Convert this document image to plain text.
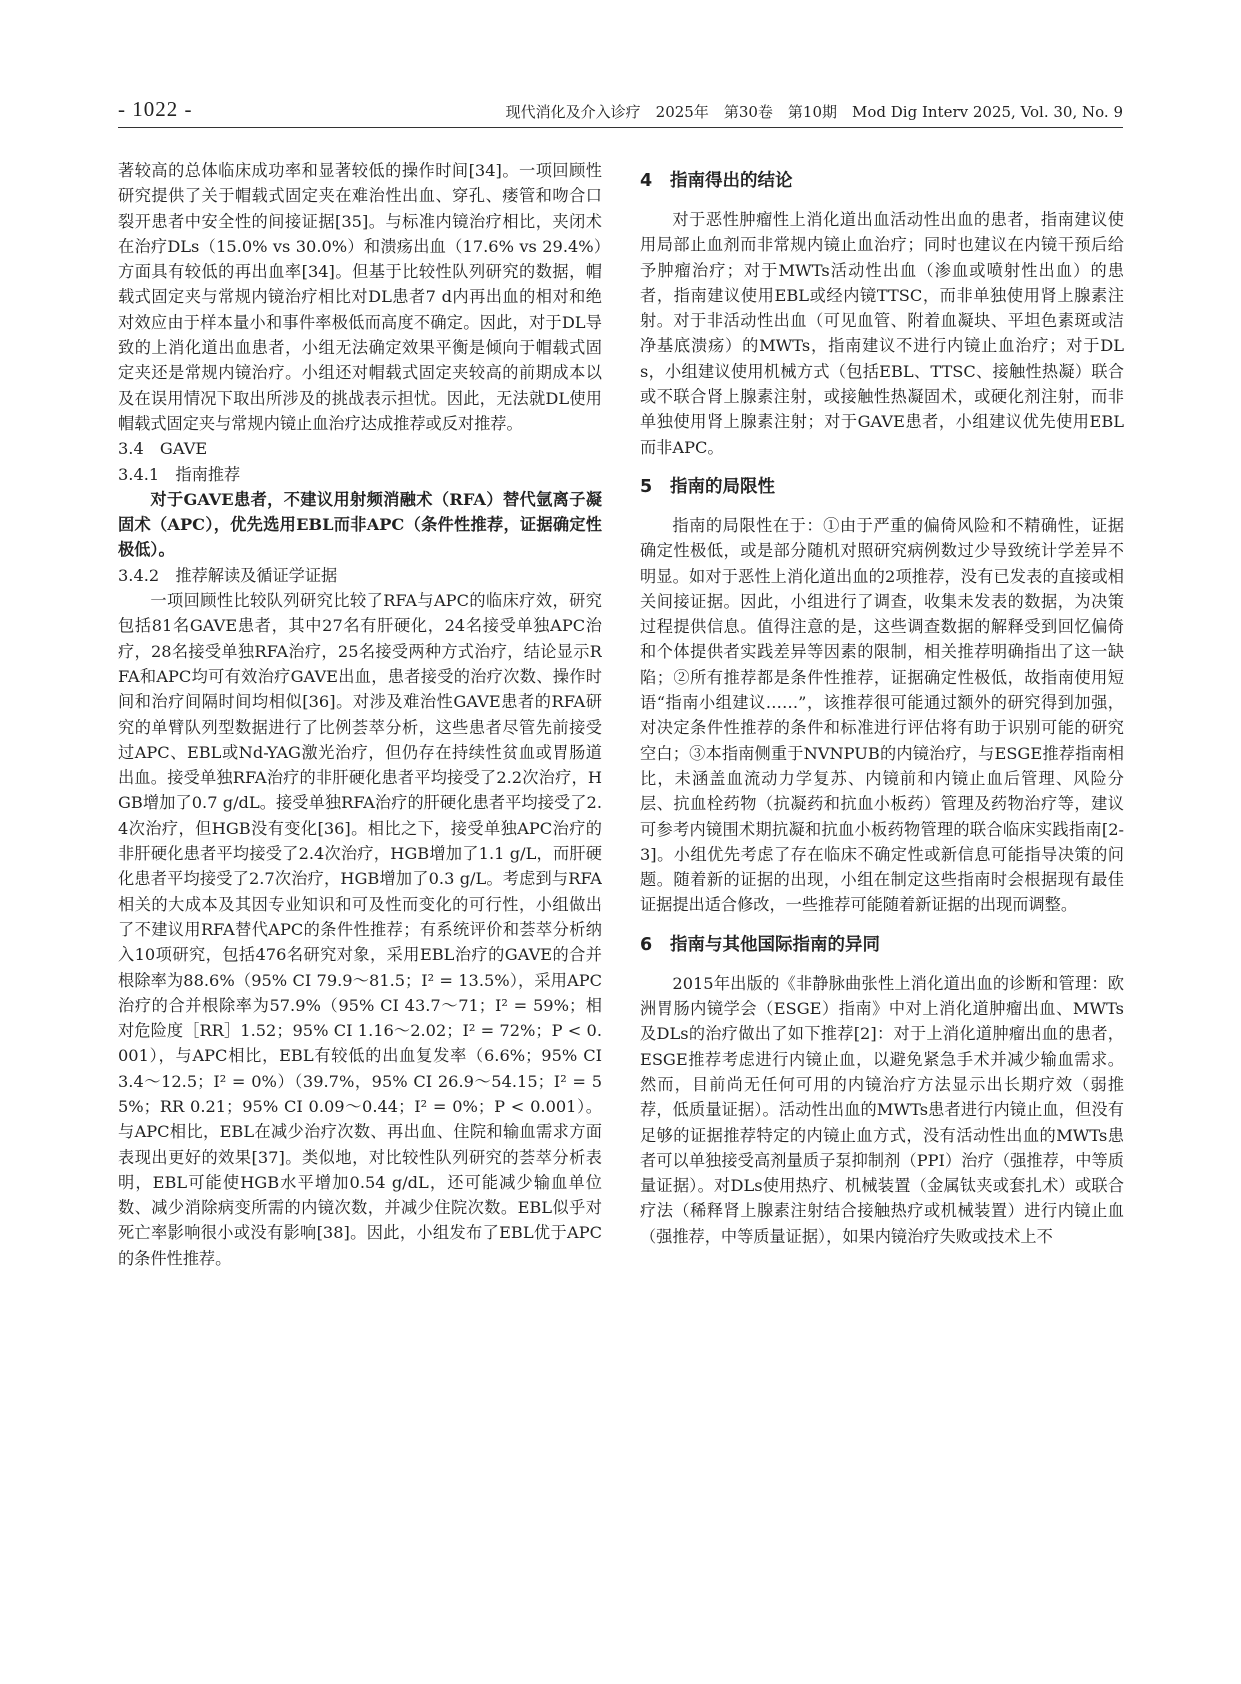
- 1022 -	现代消化及介入诊疗　2025年　第30卷　第10期　Mod Dig Interv 2025, Vol. 30, No. 9

著较高的总体临床成功率和显著较低的操作时间[34]。一项回顾性研究提供了关于帽载式固定夹在难治性出血、穿孔、瘘管和吻合口裂开患者中安全性的间接证据[35]。与标准内镜治疗相比，夹闭术在治疗DLs（15.0% vs 30.0%）和溃疡出血（17.6% vs 29.4%）方面具有较低的再出血率[34]。但基于比较性队列研究的数据，帽载式固定夹与常规内镜治疗相比对DL患者7 d内再出血的相对和绝对效应由于样本量小和事件率极低而高度不确定。因此，对于DL导致的上消化道出血患者，小组无法确定效果平衡是倾向于帽载式固定夹还是常规内镜治疗。小组还对帽载式固定夹较高的前期成本以及在误用情况下取出所涉及的挑战表示担忧。因此，无法就DL使用帽载式固定夹与常规内镜止血治疗达成推荐或反对推荐。

3.4　GAVE
3.4.1　指南推荐

对于GAVE患者，不建议用射频消融术（RFA）替代氩离子凝固术（APC），优先选用EBL而非APC（条件性推荐，证据确定性极低）。

3.4.2　推荐解读及循证学证据

一项回顾性比较队列研究比较了RFA与APC的临床疗效，研究包括81名GAVE患者，其中27名有肝硬化，24名接受单独APC治疗，28名接受单独RFA治疗，25名接受两种方式治疗，结论显示RFA和APC均可有效治疗GAVE出血，患者接受的治疗次数、操作时间和治疗间隔时间均相似[36]。对涉及难治性GAVE患者的RFA研究的单臂队列型数据进行了比例荟萃分析，这些患者尽管先前接受过APC、EBL或Nd-YAG激光治疗，但仍存在持续性贫血或胃肠道出血。接受单独RFA治疗的非肝硬化患者平均接受了2.2次治疗，HGB增加了0.7 g/dL。接受单独RFA治疗的肝硬化患者平均接受了2.4次治疗，但HGB没有变化[36]。相比之下，接受单独APC治疗的非肝硬化患者平均接受了2.4次治疗，HGB增加了1.1 g/L，而肝硬化患者平均接受了2.7次治疗，HGB增加了0.3 g/L。考虑到与RFA相关的大成本及其因专业知识和可及性而变化的可行性，小组做出了不建议用RFA替代APC的条件性推荐；有系统评价和荟萃分析纳入10项研究，包括476名研究对象，采用EBL治疗的GAVE的合并根除率为88.6%（95% CI 79.9～81.5；I² = 13.5%），采用APC治疗的合并根除率为57.9%（95% CI 43.7～71；I² = 59%；相对危险度［RR］1.52；95% CI 1.16～2.02；I² = 72%；P < 0.001），与APC相比，EBL有较低的出血复发率（6.6%；95% CI 3.4～12.5；I² = 0%）（39.7%，95% CI 26.9～54.15；I² = 55%；RR 0.21；95% CI 0.09～0.44；I² = 0%；P < 0.001）。与APC相比，EBL在减少治疗次数、再出血、住院和输血需求方面表现出更好的效果[37]。类似地，对比较性队列研究的荟萃分析表明，EBL可能使HGB水平增加0.54 g/dL，还可能减少输血单位数、减少消除病变所需的内镜次数，并减少住院次数。EBL似乎对死亡率影响很小或没有影响[38]。因此，小组发布了EBL优于APC的条件性推荐。

4 指南得出的结论

对于恶性肿瘤性上消化道出血活动性出血的患者，指南建议使用局部止血剂而非常规内镜止血治疗；同时也建议在内镜干预后给予肿瘤治疗；对于MWTs活动性出血（渗血或喷射性出血）的患者，指南建议使用EBL或经内镜TTSC，而非单独使用肾上腺素注射。对于非活动性出血（可见血管、附着血凝块、平坦色素斑或洁净基底溃疡）的MWTs，指南建议不进行内镜止血治疗；对于DLs，小组建议使用机械方式（包括EBL、TTSC、接触性热凝）联合或不联合肾上腺素注射，或接触性热凝固术，或硬化剂注射，而非单独使用肾上腺素注射；对于GAVE患者，小组建议优先使用EBL而非APC。

5 指南的局限性

指南的局限性在于：①由于严重的偏倚风险和不精确性，证据确定性极低，或是部分随机对照研究病例数过少导致统计学差异不明显。如对于恶性上消化道出血的2项推荐，没有已发表的直接或相关间接证据。因此，小组进行了调查，收集未发表的数据，为决策过程提供信息。值得注意的是，这些调查数据的解释受到回忆偏倚和个体提供者实践差异等因素的限制，相关推荐明确指出了这一缺陷；②所有推荐都是条件性推荐，证据确定性极低，故指南使用短语“指南小组建议……”，该推荐很可能通过额外的研究得到加强，对决定条件性推荐的条件和标准进行评估将有助于识别可能的研究空白；③本指南侧重于NVNPUB的内镜治疗，与ESGE推荐指南相比，未涵盖血流动力学复苏、内镜前和内镜止血后管理、风险分层、抗血栓药物（抗凝药和抗血小板药）管理及药物治疗等，建议可参考内镜围术期抗凝和抗血小板药物管理的联合临床实践指南[2-3]。小组优先考虑了存在临床不确定性或新信息可能指导决策的问题。随着新的证据的出现，小组在制定这些指南时会根据现有最佳证据提出适合修改，一些推荐可能随着新证据的出现而调整。

6 指南与其他国际指南的异同

2015年出版的《非静脉曲张性上消化道出血的诊断和管理：欧洲胃肠内镜学会（ESGE）指南》中对上消化道肿瘤出血、MWTs及DLs的治疗做出了如下推荐[2]：对于上消化道肿瘤出血的患者，ESGE推荐考虑进行内镜止血，以避免紧急手术并减少输血需求。然而，目前尚无任何可用的内镜治疗方法显示出长期疗效（弱推荐，低质量证据）。活动性出血的MWTs患者进行内镜止血，但没有足够的证据推荐特定的内镜止血方式，没有活动性出血的MWTs患者可以单独接受高剂量质子泵抑制剂（PPI）治疗（强推荐，中等质量证据）。对DLs使用热疗、机械装置（金属钛夹或套扎术）或联合疗法（稀释肾上腺素注射结合接触热疗或机械装置）进行内镜止血（强推荐，中等质量证据），如果内镜治疗失败或技术上不
